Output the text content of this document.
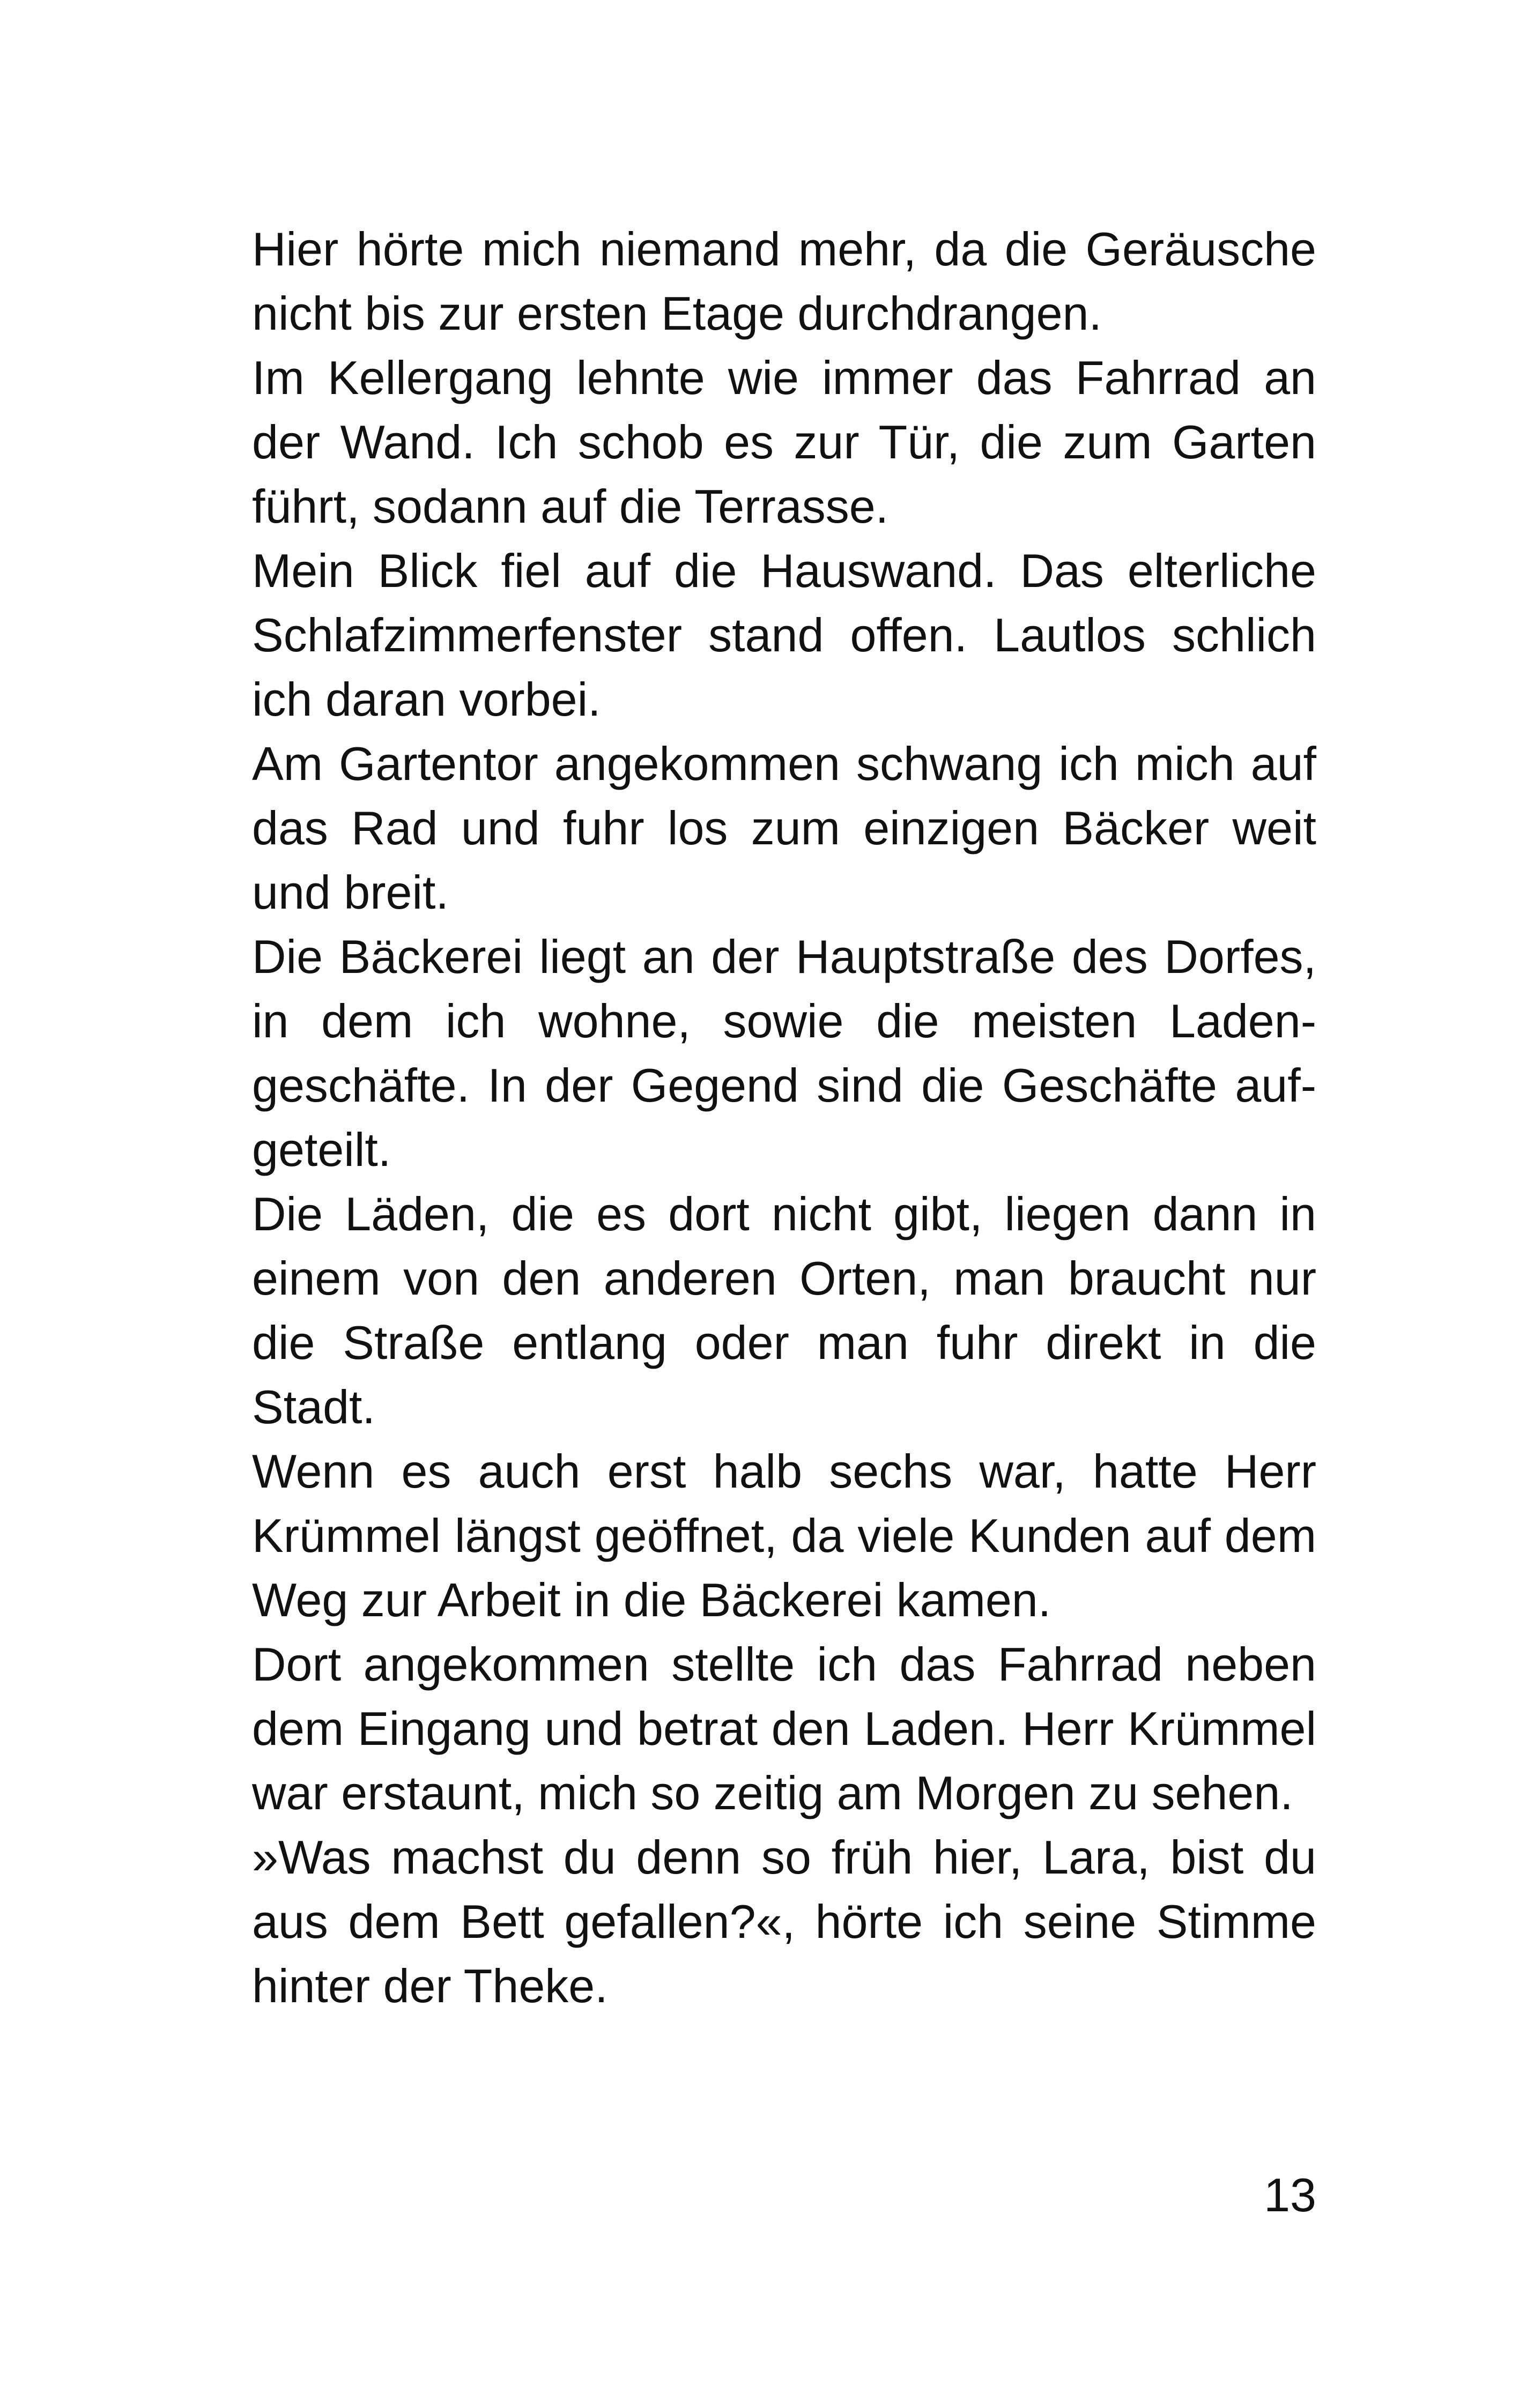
Hier hörte mich niemand mehr, da die Geräusche nicht bis zur ersten Etage durchdrangen.

Im Kellergang lehnte wie immer das Fahrrad an der Wand. Ich schob es zur Tür, die zum Garten führt, sodann auf die Terrasse.

Mein Blick fiel auf die Hauswand. Das elterliche Schlafzimmerfenster stand offen. Lautlos schlich ich daran vorbei.

Am Gartentor angekommen schwang ich mich auf das Rad und fuhr los zum einzigen Bäcker weit und breit.

Die Bäckerei liegt an der Hauptstraße des Dorfes, in dem ich wohne, sowie die meisten Ladengeschäfte. In der Gegend sind die Geschäfte aufgeteilt.

Die Läden, die es dort nicht gibt, liegen dann in einem von den anderen Orten, man braucht nur die Straße entlang oder man fuhr direkt in die Stadt.

Wenn es auch erst halb sechs war, hatte Herr Krümmel längst geöffnet, da viele Kunden auf dem Weg zur Arbeit in die Bäckerei kamen.

Dort angekommen stellte ich das Fahrrad neben dem Eingang und betrat den Laden. Herr Krümmel war erstaunt, mich so zeitig am Morgen zu sehen.

»Was machst du denn so früh hier, Lara, bist du aus dem Bett gefallen?«, hörte ich seine Stimme hinter der Theke.

13
